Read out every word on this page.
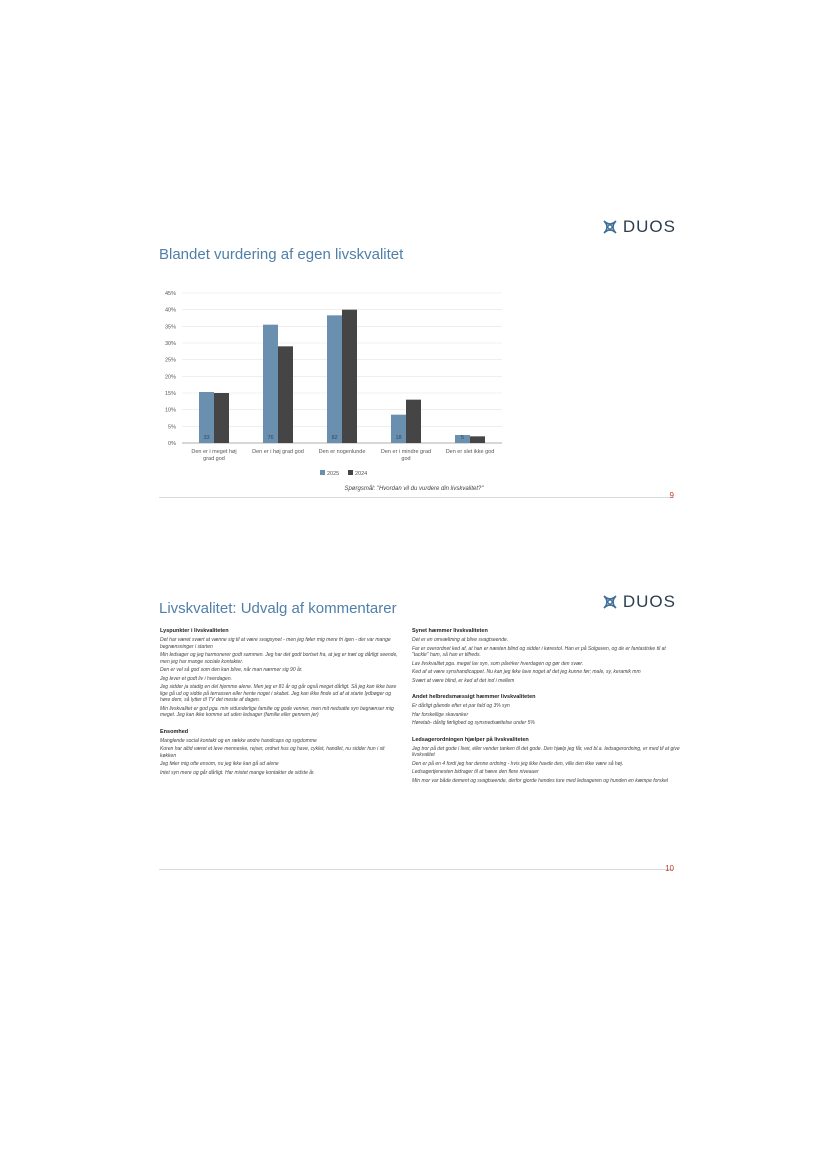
DUOS
Blandet vurdering af egen livskvalitet
0%
5%
10%
15%
20%
25%
30%
35%
40%
45%
33
Den er i meget høj
grad god
76
Den er i høj grad god
82
Den er nogenlunde
18
Den er i mindre grad
god
5
Den er slet ikke god
2025	2024
Spørgsmål: "Hvordan vil du vurdere din livskvalitet?"
9
DUOS
Livskvalitet: Udvalg af kommentarer
Lyspunkter i livskvaliteten
Det har været svært at vænne sig til at være svagsynet - men jeg føler mig mere fri igen - der var mange begrænsninger i starten
Min ledsager og jeg harmonerer godt sammen. Jeg har det godt bortset fra, at jeg er træt og dårligt seende, men jeg har mange sociale kontakter.
Den er vel så god som den kan blive, når man nærmer sig 90 år.
Jeg lever et godt liv i hverdagen.
Jeg sidder ja stadig en del hjemme alene. Men jeg er 81 år og går også meget dårligt. Så jeg kan ikke bare lige gå ud og sidde på terrassen eller hente noget i skabet. Jeg kan ikke finde ud af at starte lydbøger og høre dem, så lytter til TV det meste af dagen.
Min livskvalitet er god pga. min vidunderlige familie og gode venner, men mit nedsatte syn begrænser mig meget. Jeg kan ikke komme ud uden ledsager (familie eller gennem jer)
Ensomhed
Manglende social kontakt og en række andre handicaps og sygdomme
Koren har altid været et leve menneske, rejser, ordnet hus og have, cyklet, handlet, nu sidder hun i sit køkken
Jeg føler mig ofte ensom, nu jeg ikke kan gå ud alene
Intet syn mere og går dårligt. Har mistet mange kontakter de sidste år.
Synet hæmmer livskvaliteten
Det er en omvæltning at blive svagtseende.
Far er overordnet ked af, at han er næsten blind og sidder i kørestol. Han er på Solgaven, og de er fantastiske til at "tackle" ham, så han er tilfreds.
Lav livskvalitet pga. meget lav syn, som påvirker hverdagen og gør den svær.
Ked af at være synshandicappet. Nu kan jeg ikke lave noget af det jeg kunne før; male, sy, keramik mm
Svært at være blind, er ked af det ind i mellem
Andet helbredsmæssigt hæmmer livskvaliteten
Er dårligt gående efter et par fald og 3% syn
Har forskellige skavanker
Høretab- dårlig førlighed og synsnedsættelse under 5%
Ledsagerordningen hjælper på livskvaliteten
Jeg tror på det gode i livet, eller vender tanken til det gode. Den hjælp jeg får, ved bl.a. ledsagerordning, er med til at give livskvalitet
Den er på en 4 fordi jeg har denne ordning - hvis jeg ikke havde den, ville den ikke være så høj.
Ledsagertjenesten bidrager til at hæve den flere niveauer
Min mor var både dement og svagtseende, derfor gjorde hendes ture med ledsageren og hunden en kæmpe forskel
10
